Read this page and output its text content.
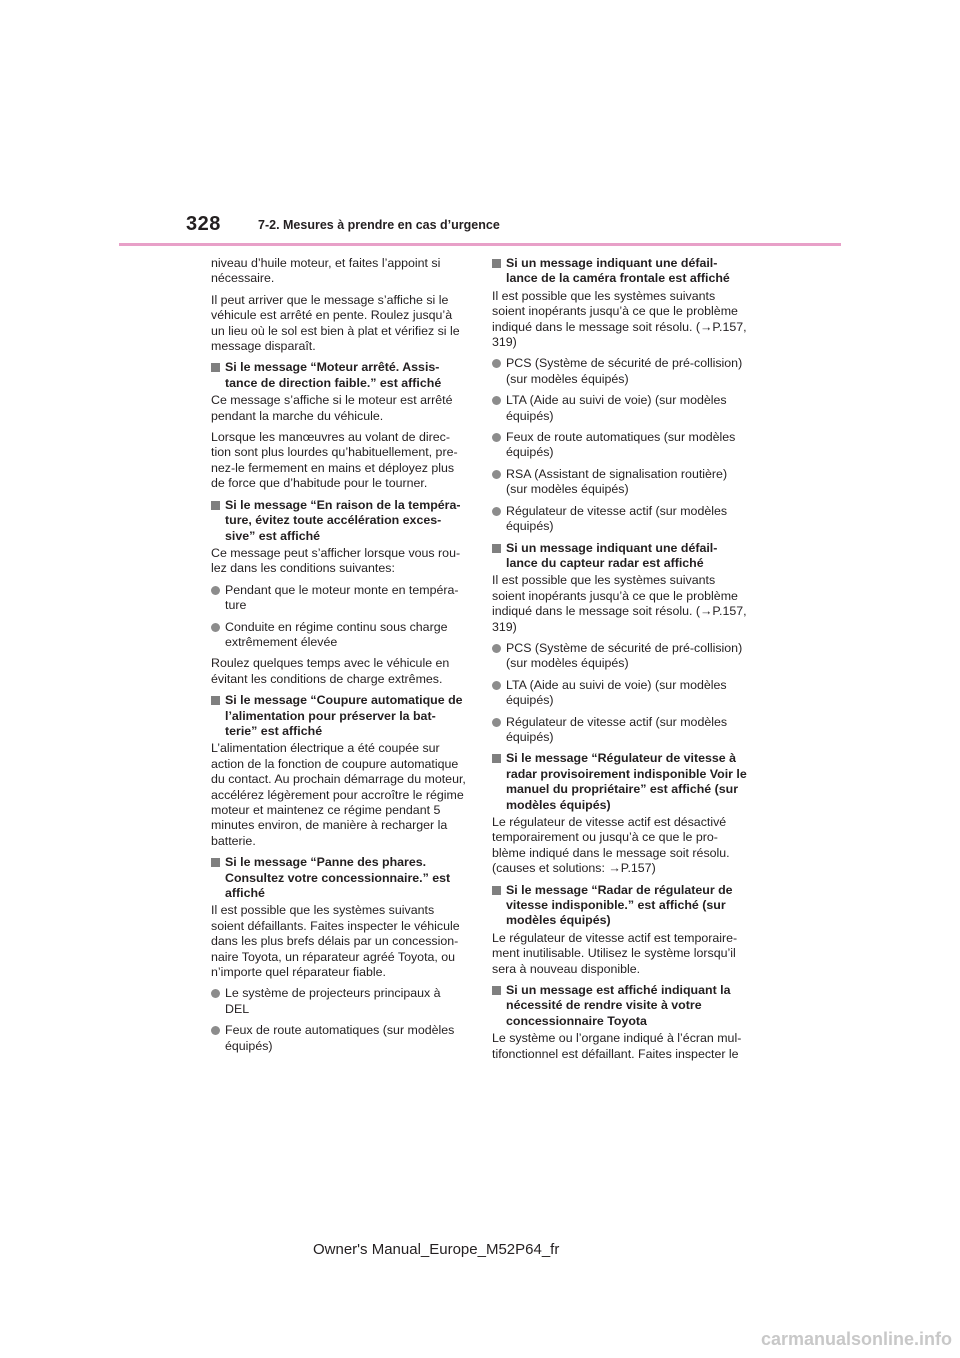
328	7-2. Mesures à prendre en cas d’urgence

niveau d’huile moteur, et faites l’appoint si nécessaire.

Il peut arriver que le message s’affiche si le véhicule est arrêté en pente. Roulez jusqu’à un lieu où le sol est bien à plat et vérifiez si le message disparaît.

Si le message “Moteur arrêté. Assis-tance de direction faible.” est affiché

Ce message s’affiche si le moteur est arrêté pendant la marche du véhicule.

Lorsque les manœuvres au volant de direc-tion sont plus lourdes qu’habituellement, pre-nez-le fermement en mains et déployez plus de force que d’habitude pour le tourner.

Si le message “En raison de la tempéra-ture, évitez toute accélération exces-sive” est affiché

Ce message peut s’afficher lorsque vous rou-lez dans les conditions suivantes:

Pendant que le moteur monte en tempéra-ture
Conduite en régime continu sous charge extrêmement élevée

Roulez quelques temps avec le véhicule en évitant les conditions de charge extrêmes.

Si le message “Coupure automatique de l’alimentation pour préserver la bat-terie” est affiché

L’alimentation électrique a été coupée sur action de la fonction de coupure automatique du contact. Au prochain démarrage du moteur, accélérez légèrement pour accroître le régime moteur et maintenez ce régime pendant 5 minutes environ, de manière à recharger la batterie.

Si le message “Panne des phares. Consultez votre concessionnaire.” est affiché

Il est possible que les systèmes suivants soient défaillants. Faites inspecter le véhicule dans les plus brefs délais par un concession-naire Toyota, un réparateur agréé Toyota, ou n’importe quel réparateur fiable.

Le système de projecteurs principaux à DEL
Feux de route automatiques (sur modèles équipés)
Si un message indiquant une défail-lance de la caméra frontale est affiché

Il est possible que les systèmes suivants soient inopérants jusqu’à ce que le problème indiqué dans le message soit résolu. (→P.157, 319)

PCS (Système de sécurité de pré-collision) (sur modèles équipés)
LTA (Aide au suivi de voie) (sur modèles équipés)
Feux de route automatiques (sur modèles équipés)
RSA (Assistant de signalisation routière) (sur modèles équipés)
Régulateur de vitesse actif (sur modèles équipés)
Si un message indiquant une défail-lance du capteur radar est affiché

Il est possible que les systèmes suivants soient inopérants jusqu’à ce que le problème indiqué dans le message soit résolu. (→P.157, 319)

PCS (Système de sécurité de pré-collision) (sur modèles équipés)
LTA (Aide au suivi de voie) (sur modèles équipés)
Régulateur de vitesse actif (sur modèles équipés)
Si le message “Régulateur de vitesse à radar provisoirement indisponible Voir le manuel du propriétaire” est affiché (sur modèles équipés)

Le régulateur de vitesse actif est désactivé temporairement ou jusqu’à ce que le pro-blème indiqué dans le message soit résolu. (causes et solutions: →P.157)

Si le message “Radar de régulateur de vitesse indisponible.” est affiché (sur modèles équipés)

Le régulateur de vitesse actif est temporaire-ment inutilisable. Utilisez le système lorsqu’il sera à nouveau disponible.

Si un message est affiché indiquant la nécessité de rendre visite à votre concessionnaire Toyota

Le système ou l’organe indiqué à l’écran mul-tifonctionnel est défaillant. Faites inspecter le

Owner's Manual_Europe_M52P64_fr
carmanualsonline.info
